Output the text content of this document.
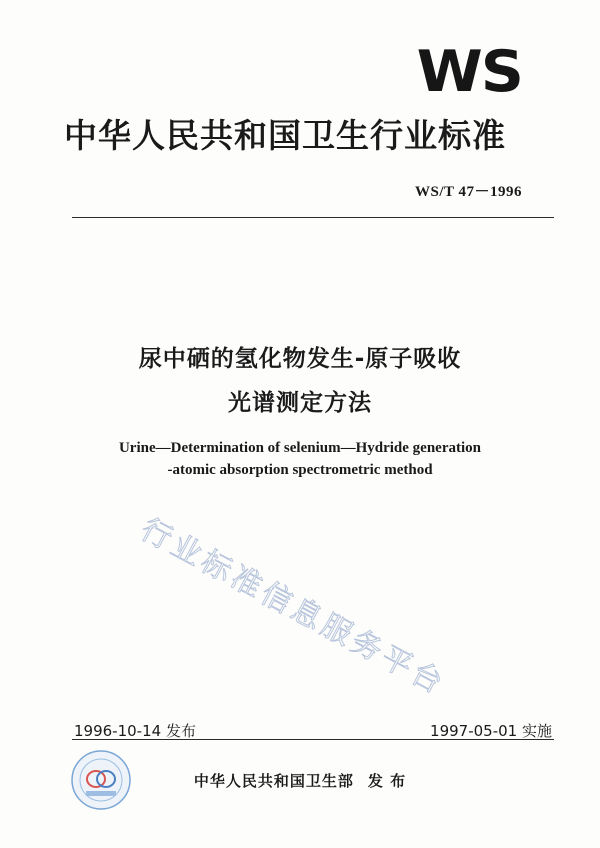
WS
中华人民共和国卫生行业标准
WS/T 47－1996
尿中硒的氢化物发生-原子吸收
光谱测定方法
Urine—Determination of selenium—Hydride generation
-atomic absorption spectrometric method
行业标准信息服务平台
1996-10-14 发布	1997-05-01 实施
中华人民共和国卫生部 发 布
